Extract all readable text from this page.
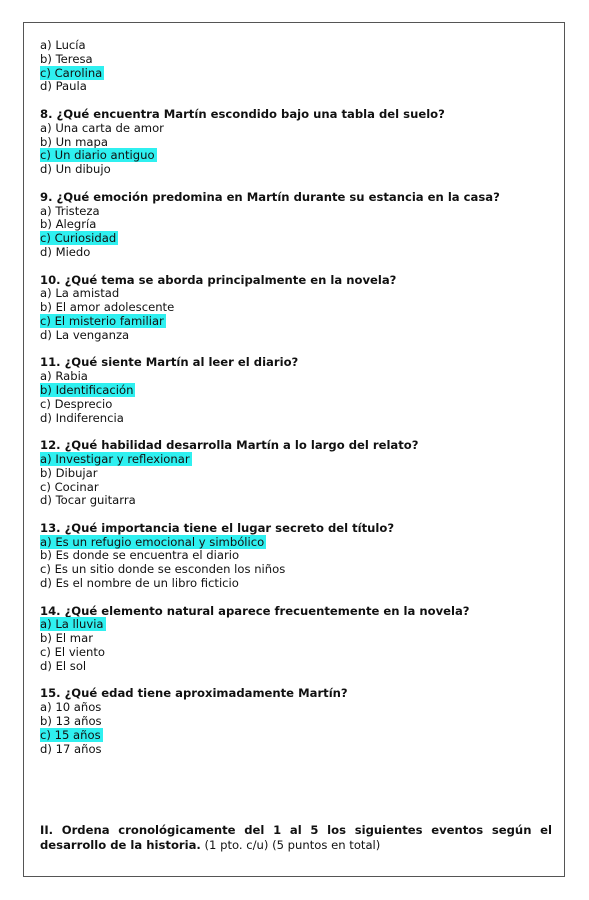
a) Lucía
b) Teresa
c) Carolina
d) Paula
8. ¿Qué encuentra Martín escondido bajo una tabla del suelo?
a) Una carta de amor
b) Un mapa
c) Un diario antiguo
d) Un dibujo
9. ¿Qué emoción predomina en Martín durante su estancia en la casa?
a) Tristeza
b) Alegría
c) Curiosidad
d) Miedo
10. ¿Qué tema se aborda principalmente en la novela?
a) La amistad
b) El amor adolescente
c) El misterio familiar
d) La venganza
11. ¿Qué siente Martín al leer el diario?
a) Rabia
b) Identificación
c) Desprecio
d) Indiferencia
12. ¿Qué habilidad desarrolla Martín a lo largo del relato?
a) Investigar y reflexionar
b) Dibujar
c) Cocinar
d) Tocar guitarra
13. ¿Qué importancia tiene el lugar secreto del título?
a) Es un refugio emocional y simbólico
b) Es donde se encuentra el diario
c) Es un sitio donde se esconden los niños
d) Es el nombre de un libro ficticio
14. ¿Qué elemento natural aparece frecuentemente en la novela?
a) La lluvia
b) El mar
c) El viento
d) El sol
15. ¿Qué edad tiene aproximadamente Martín?
a) 10 años
b) 13 años
c) 15 años
d) 17 años
II. Ordena cronológicamente del 1 al 5 los siguientes eventos según el desarrollo de la historia. (1 pto. c/u) (5 puntos en total)
